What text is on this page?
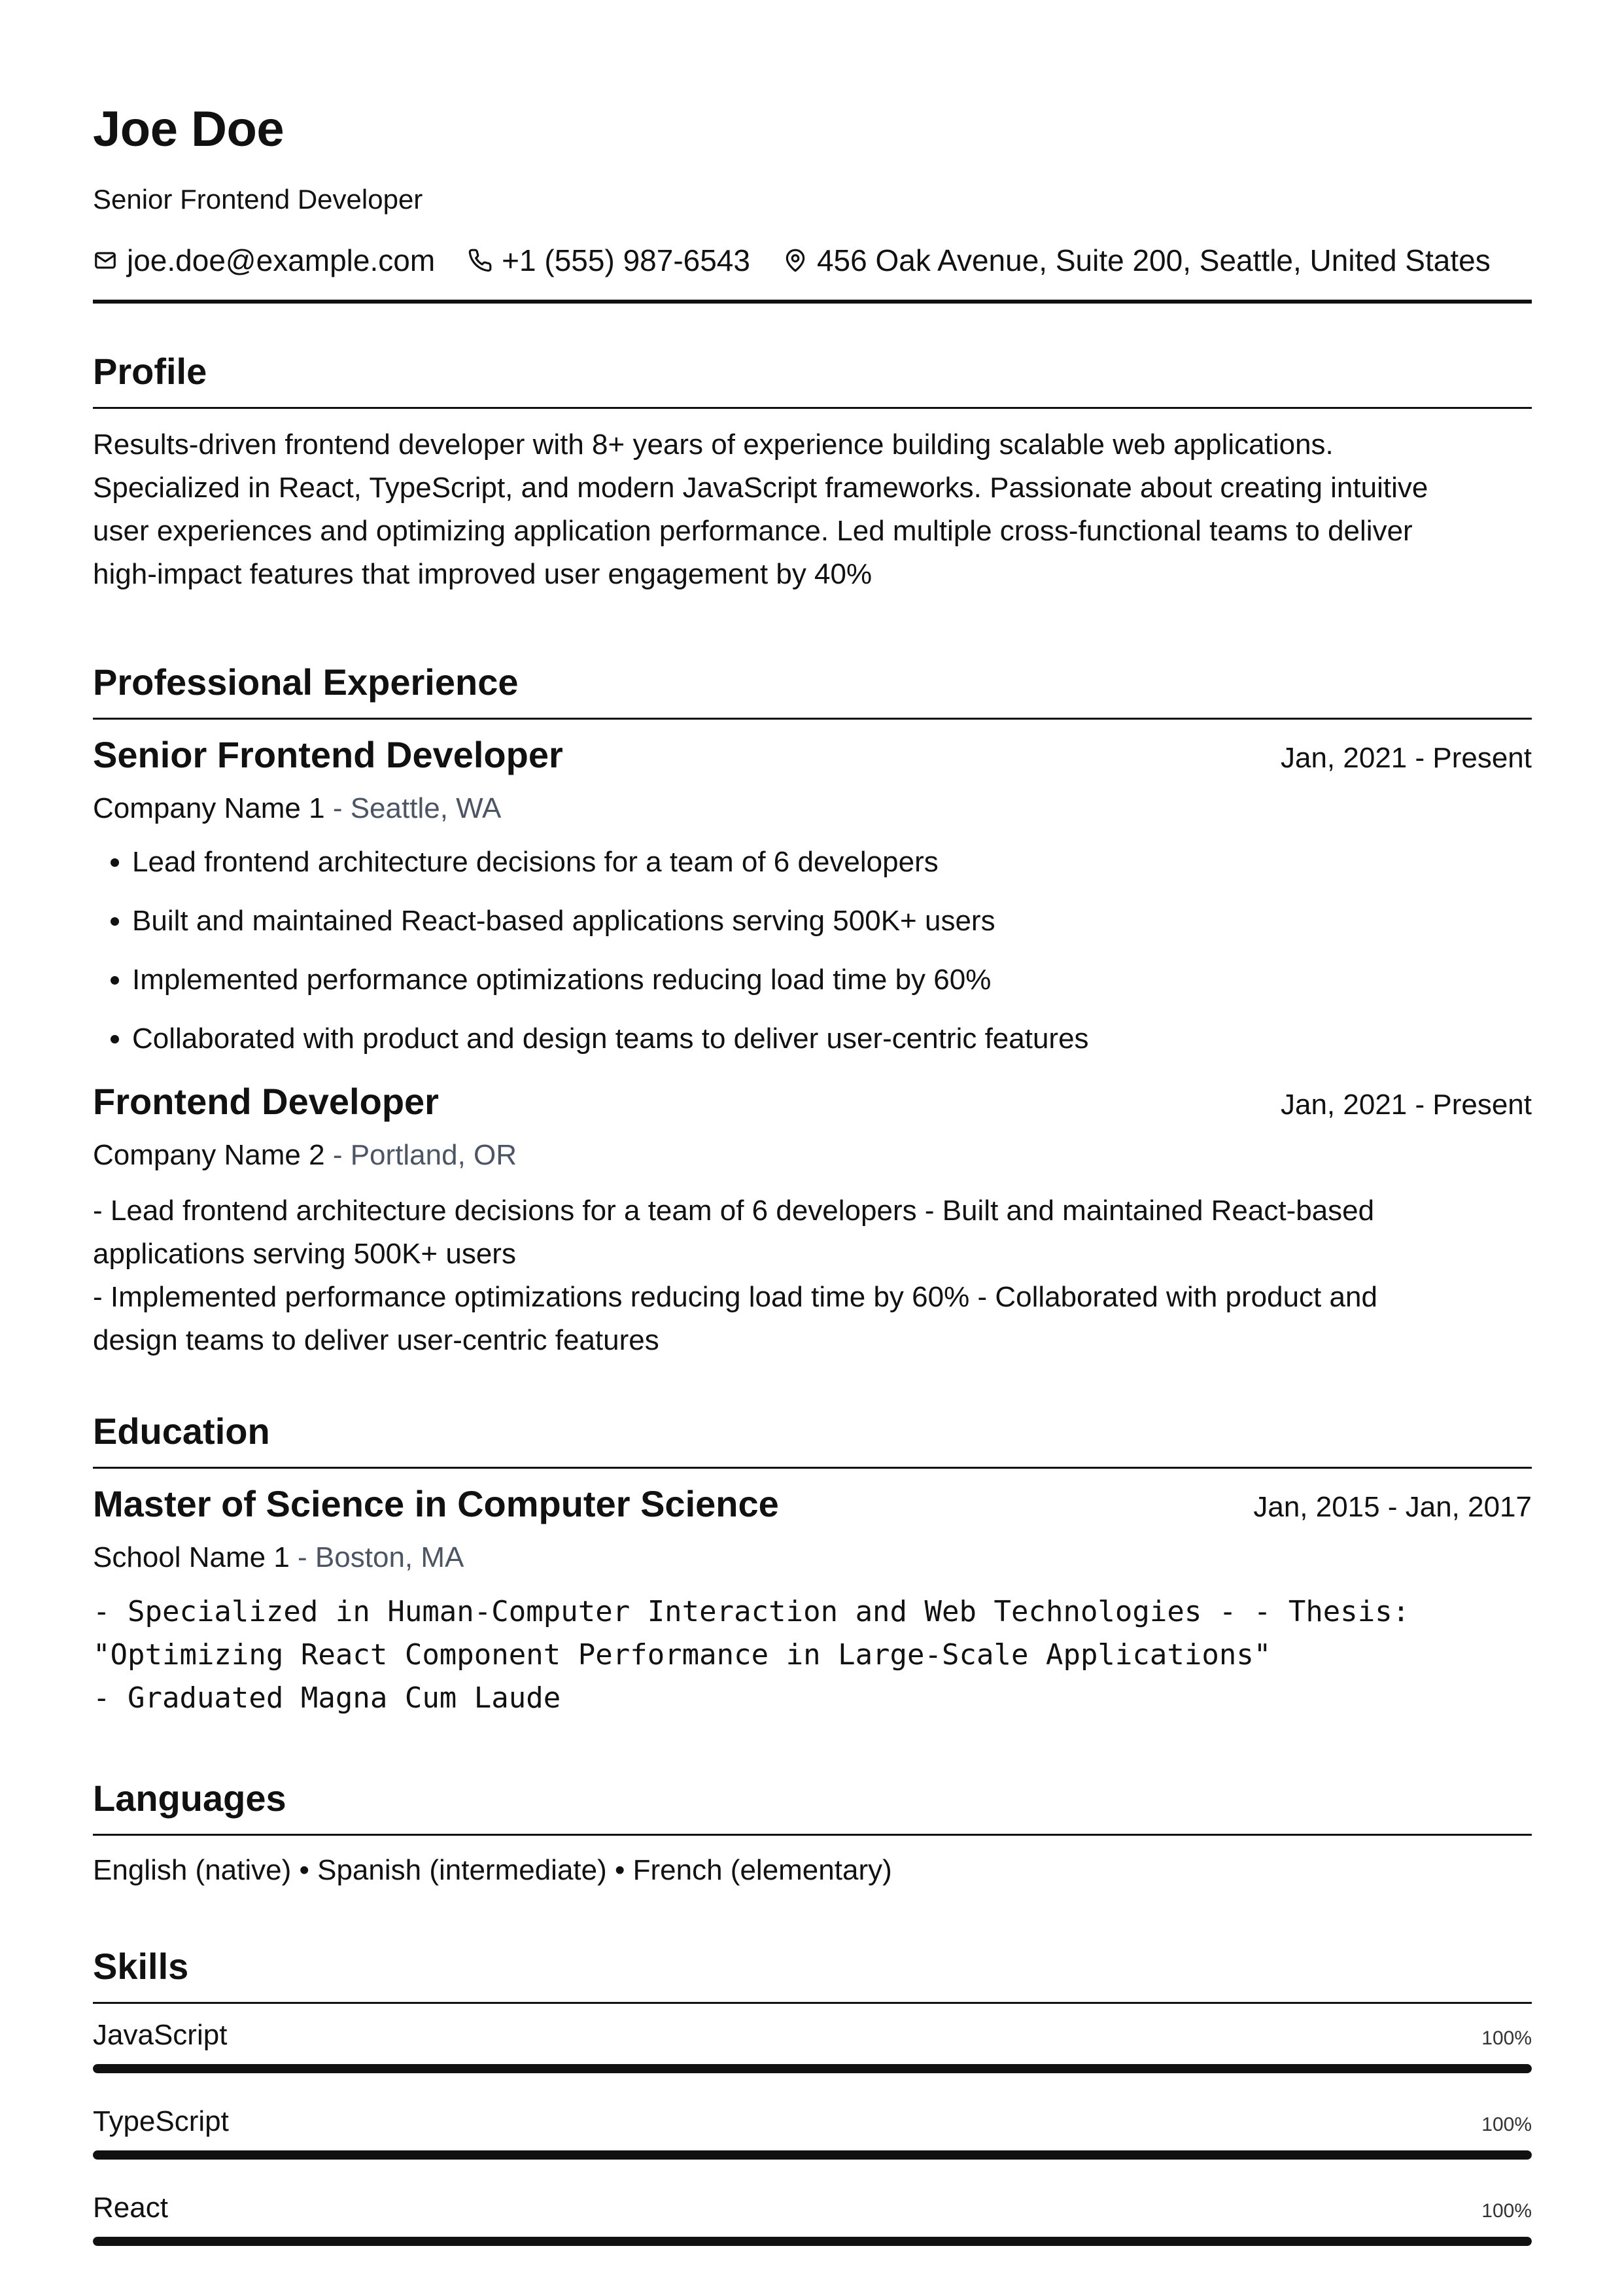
Joe Doe
Senior Frontend Developer
joe.doe@example.com +1 (555) 987-6543 456 Oak Avenue, Suite 200, Seattle, United States
Profile
Results-driven frontend developer with 8+ years of experience building scalable web applications.
Specialized in React, TypeScript, and modern JavaScript frameworks. Passionate about creating intuitive
user experiences and optimizing application performance. Led multiple cross-functional teams to deliver
high-impact features that improved user engagement by 40%
Professional Experience
Senior Frontend Developer	Jan, 2021 - Present
Company Name 1 - Seattle, WA
• Lead frontend architecture decisions for a team of 6 developers
• Built and maintained React-based applications serving 500K+ users
• Implemented performance optimizations reducing load time by 60%
• Collaborated with product and design teams to deliver user-centric features
Frontend Developer	Jan, 2021 - Present
Company Name 2 - Portland, OR
- Lead frontend architecture decisions for a team of 6 developers - Built and maintained React-based
applications serving 500K+ users
- Implemented performance optimizations reducing load time by 60% - Collaborated with product and
design teams to deliver user-centric features
Education
Master of Science in Computer Science	Jan, 2015 - Jan, 2017
School Name 1 - Boston, MA
- Specialized in Human-Computer Interaction and Web Technologies - - Thesis:
"Optimizing React Component Performance in Large-Scale Applications"
- Graduated Magna Cum Laude
Languages
English (native) • Spanish (intermediate) • French (elementary)
Skills
JavaScript	100%
TypeScript	100%
React	100%
